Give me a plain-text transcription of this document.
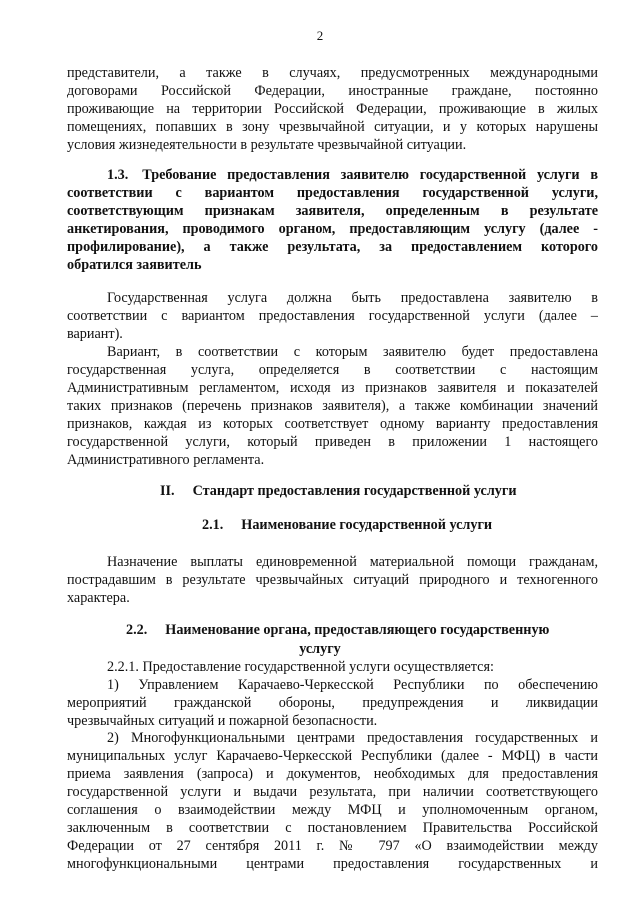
2
представители, а также в случаях, предусмотренных международными
договорами Российской Федерации, иностранные граждане, постоянно
проживающие на территории Российской Федерации, проживающие в жилых
помещениях, попавших в зону чрезвычайной ситуации, и у которых нарушены
условия жизнедеятельности в результате чрезвычайной ситуации.
1.3. Требование предоставления заявителю государственной услуги в
соответствии с вариантом предоставления государственной услуги,
соответствующим признакам заявителя, определенным в результате
анкетирования, проводимого органом, предоставляющим услугу (далее -
профилирование), а также результата, за предоставлением которого
обратился заявитель
Государственная услуга должна быть предоставлена заявителю в
соответствии с вариантом предоставления государственной услуги (далее –
вариант).
Вариант, в соответствии с которым заявителю будет предоставлена
государственная услуга, определяется в соответствии с настоящим
Административным регламентом, исходя из признаков заявителя и показателей
таких признаков (перечень признаков заявителя), а также комбинации значений
признаков, каждая из которых соответствует одному варианту предоставления
государственной услуги, который приведен в приложении 1 настоящего
Административного регламента.
II. Стандарт предоставления государственной услуги
2.1. Наименование государственной услуги
Назначение выплаты единовременной материальной помощи гражданам,
пострадавшим в результате чрезвычайных ситуаций природного и техногенного
характера.
2.2. Наименование органа, предоставляющего государственную
услугу
2.2.1. Предоставление государственной услуги осуществляется:
1) Управлением Карачаево-Черкесской Республики по обеспечению
мероприятий гражданской обороны, предупреждения и ликвидации
чрезвычайных ситуаций и пожарной безопасности.
2) Многофункциональными центрами предоставления государственных и
муниципальных услуг Карачаево-Черкесской Республики (далее - МФЦ) в части
приема заявления (запроса) и документов, необходимых для предоставления
государственной услуги и выдачи результата, при наличии соответствующего
соглашения о взаимодействии между МФЦ и уполномоченным органом,
заключенным в соответствии с постановлением Правительства Российской
Федерации от 27 сентября 2011 г. № 797 «О взаимодействии между
многофункциональными центрами предоставления государственных и
